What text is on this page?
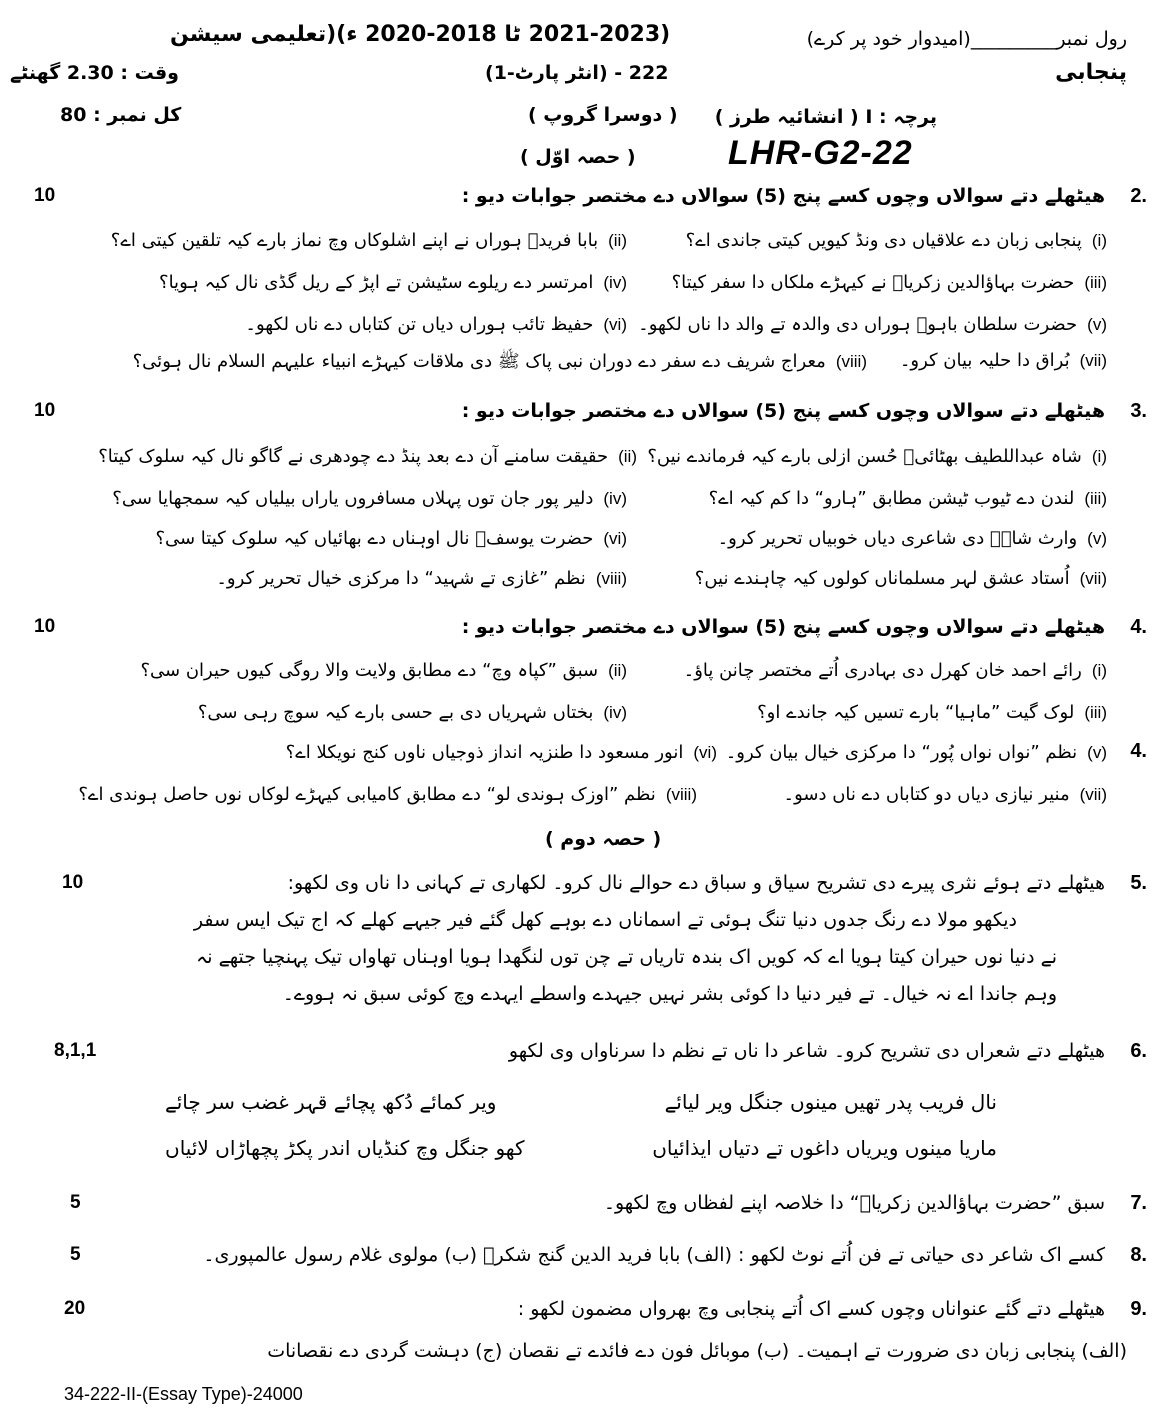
(2021-2023 ٹا 2018-2020 ء)(تعلیمی سیشن	رول نمبر_________(امیدوار خود پر کرے)
وقت : 2.30 گھنٹے	222 - (انٹر پارٹ-1)	پنجابی
کل نمبر : 80	( دوسرا گروپ ) پرچہ : I ( انشائیہ طرز )
LHR-G2-22
( حصہ اوّل )
10	ھیٹھلے دتے سوالاں وچوں کسے پنج (5) سوالاں دے مختصر جوابات دیو : 2.
(i)پنجابی زبان دے علاقیاں دی ونڈ کیویں کیتی جاندی اے؟
(ii)بابا فریدؒ ہوراں نے اپنے اشلوکاں وچ نماز بارے کیہ تلقین کیتی اے؟
(iii)حضرت بہاؤالدین زکریاؒ نے کیہڑے ملکاں دا سفر کیتا؟
(iv)امرتسر دے ریلوے سٹیشن تے اپڑ کے ریل گڈی نال کیہ ہویا؟
(v)حضرت سلطان باہوؒ ہوراں دی والدہ تے والد دا ناں لکھو۔
(vi)حفیظ تائب ہوراں دیاں تن کتاباں دے ناں لکھو۔
(vii)بُراق دا حلیہ بیان کرو۔
(viii)معراج شریف دے سفر دے دوران نبی پاک ﷺ دی ملاقات کیہڑے انبیاء علیہم السلام نال ہوئی؟
10	ھیٹھلے دتے سوالاں وچوں کسے پنج (5) سوالاں دے مختصر جوابات دیو : 3.
(i)شاہ عبداللطیف بھٹائیؒ حُسن ازلی بارے کیہ فرماندے نیں؟
(ii)حقیقت سامنے آن دے بعد پنڈ دے چودھری نے گاگو نال کیہ سلوک کیتا؟
(iii)لندن دے ٹیوب ٹیشن مطابق ”ہارو“ دا کم کیہ اے؟
(iv)دلیر پور جان توں پہلاں مسافروں یاراں بیلیاں کیہ سمجھایا سی؟
(v)وارث شاہؒ دی شاعری دیاں خوبیاں تحریر کرو۔
(vi)حضرت یوسفؑ نال اوہناں دے بھائیاں کیہ سلوک کیتا سی؟
(vii)اُستاد عشق لہر مسلماناں کولوں کیہ چاہندے نیں؟
(viii)نظم ”غازی تے شہید“ دا مرکزی خیال تحریر کرو۔
10	ھیٹھلے دتے سوالاں وچوں کسے پنج (5) سوالاں دے مختصر جوابات دیو : 4.
(i)رائے احمد خان کھرل دی بہادری اُتے مختصر چانن پاؤ۔
(ii)سبق ”کپاہ وچ“ دے مطابق ولایت والا روگی کیوں حیران سی؟
(iii)لوک گیت ”ماہیا“ بارے تسیں کیہ جاندے او؟
(iv)بختاں شہریاں دی بے حسی بارے کیہ سوچ رہی سی؟
4.
(v)نظم ”نواں نواں پُور“ دا مرکزی خیال بیان کرو۔
(vi)انور مسعود دا طنزیہ انداز ذوجیاں ناوں کنج نویکلا اے؟
(vii)منیر نیازی دیاں دو کتاباں دے ناں دسو۔
(viii)نظم ”اوزک ہوندی لو“ دے مطابق کامیابی کیہڑے لوکاں نوں حاصل ہوندی اے؟
( حصہ دوم )
10	ھیٹھلے دتے ہوئے نثری پیرے دی تشریح سیاق و سباق دے حوالے نال کرو۔ لکھاری تے کہانی دا ناں وی لکھو: 5.
دیکھو مولا دے رنگ جدوں دنیا تنگ ہوئی تے اسماناں دے بوہے کھل گئے فیر جیہے کھلے کہ اج تیک ایس سفر
نے دنیا نوں حیران کیتا ہویا اے کہ کویں اک بندہ تاریاں تے چن توں لنگھدا ہویا اوہناں تھاواں تیک پہنچیا جتھے نہ
وہم جاندا اے نہ خیال۔ تے فیر دنیا دا کوئی بشر نہیں جیہدے واسطے ایہدے وچ کوئی سبق نہ ہووے۔
8,1,1	ھیٹھلے دتے شعراں دی تشریح کرو۔ شاعر دا ناں تے نظم دا سرناواں وی لکھو 6.
نال فریب پدر تھیں مینوں جنگل ویر لیائے
ویر کمائے دُکھ پچائے قہر غضب سر چائے
ماریا مینوں ویریاں داغوں تے دتیاں ایذائیاں
کھو جنگل وچ کنڈیاں اندر پکڑ پچھاڑاں لائیاں
5	سبق ”حضرت بہاؤالدین زکریاؒ“ دا خلاصہ اپنے لفظاں وچ لکھو۔ 7.
5	کسے اک شاعر دی حیاتی تے فن اُتے نوٹ لکھو : (الف) بابا فرید الدین گنج شکرؒ (ب) مولوی غلام رسول عالمپوری۔ 8.
20	ھیٹھلے دتے گئے عنواناں وچوں کسے اک اُتے پنجابی وچ بھرواں مضمون لکھو : 9.
(الف) پنجابی زبان دی ضرورت تے اہمیت۔ (ب) موبائل فون دے فائدے تے نقصان (ج) دہشت گردی دے نقصانات
34-222-II-(Essay Type)-24000
